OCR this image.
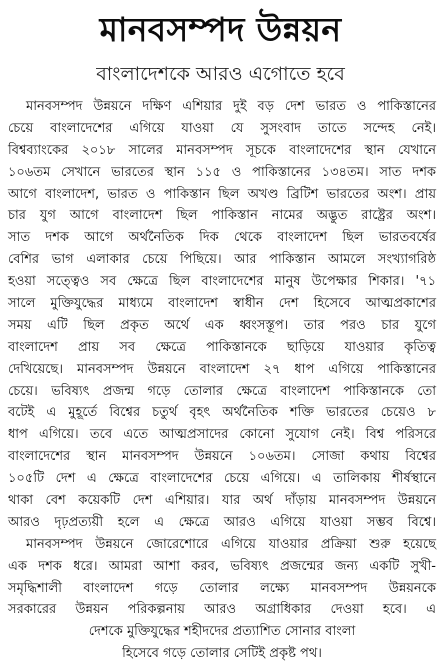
মানবসম্পদ উন্নয়ন
বাংলাদেশকে আরও এগোতে হবে
মানবসম্পদ উন্নয়নে দক্ষিণ এশিয়ার দুই বড় দেশ ভারত ও পাকিস্তানের
চেয়ে বাংলাদেশের এগিয়ে যাওয়া যে সুসংবাদ তাতে সন্দেহ নেই।
বিশ্বব্যাংকের ২০১৮ সালের মানবসম্পদ সূচকে বাংলাদেশের স্থান যেখানে
১০৬তম সেখানে ভারতের স্থান ১১৫ ও পাকিস্তানের ১৩৪তম। সাত দশক
আগে বাংলাদেশ, ভারত ও পাকিস্তান ছিল অখণ্ড ব্রিটিশ ভারতের অংশ। প্রায়
চার যুগ আগে বাংলাদেশ ছিল পাকিস্তান নামের অদ্ভুত রাষ্ট্রের অংশ।
সাত দশক আগে অর্থনৈতিক দিক থেকে বাংলাদেশ ছিল ভারতবর্ষের
বেশির ভাগ এলাকার চেয়ে পিছিয়ে। আর পাকিস্তান আমলে সংখ্যাগরিষ্ঠ
হওয়া সত্ত্বেও সব ক্ষেত্রে ছিল বাংলাদেশের মানুষ উপেক্ষার শিকার। '৭১
সালে মুক্তিযুদ্ধের মাধ্যমে বাংলাদেশ স্বাধীন দেশ হিসেবে আত্মপ্রকাশের
সময় এটি ছিল প্রকৃত অর্থে এক ধ্বংসস্তূপ। তার পরও চার যুগে
বাংলাদেশ প্রায় সব ক্ষেত্রে পাকিস্তানকে ছাড়িয়ে যাওয়ার কৃতিত্ব
দেখিয়েছে। মানবসম্পদ উন্নয়নে বাংলাদেশ ২৭ ধাপ এগিয়ে পাকিস্তানের
চেয়ে। ভবিষ্যৎ প্রজন্ম গড়ে তোলার ক্ষেত্রে বাংলাদেশ পাকিস্তানকে তো
বটেই এ মুহূর্তে বিশ্বের চতুর্থ বৃহৎ অর্থনৈতিক শক্তি ভারতের চেয়েও ৮
ধাপ এগিয়ে। তবে এতে আত্মপ্রসাদের কোনো সুযোগ নেই। বিশ্ব পরিসরে
বাংলাদেশের স্থান মানবসম্পদ উন্নয়নে ১০৬তম। সোজা কথায় বিশ্বের
১০৫টি দেশ এ ক্ষেত্রে বাংলাদেশের চেয়ে এগিয়ে। এ তালিকায় শীর্ষস্থানে
থাকা বেশ কয়েকটি দেশ এশিয়ার। যার অর্থ দাঁড়ায় মানবসম্পদ উন্নয়নে
আরও দৃঢ়প্রত্যয়ী হলে এ ক্ষেত্রে আরও এগিয়ে যাওয়া সম্ভব বিশ্বে।
মানবসম্পদ উন্নয়নে জোরেশোরে এগিয়ে যাওয়ার প্রক্রিয়া শুরু হয়েছে
এক দশক ধরে। আমরা আশা করব, ভবিষ্যৎ প্রজন্মের জন্য একটি সুখী-
সমৃদ্ধিশালী বাংলাদেশ গড়ে তোলার লক্ষ্যে মানবসম্পদ উন্নয়নকে
সরকারের উন্নয়ন পরিকল্পনায় আরও অগ্রাধিকার দেওয়া হবে। এ
দেশকে মুক্তিযুদ্ধের শহীদদের প্রত্যাশিত সোনার বাংলা
হিসেবে গড়ে তোলার সেটিই প্রকৃষ্ট পথ।
